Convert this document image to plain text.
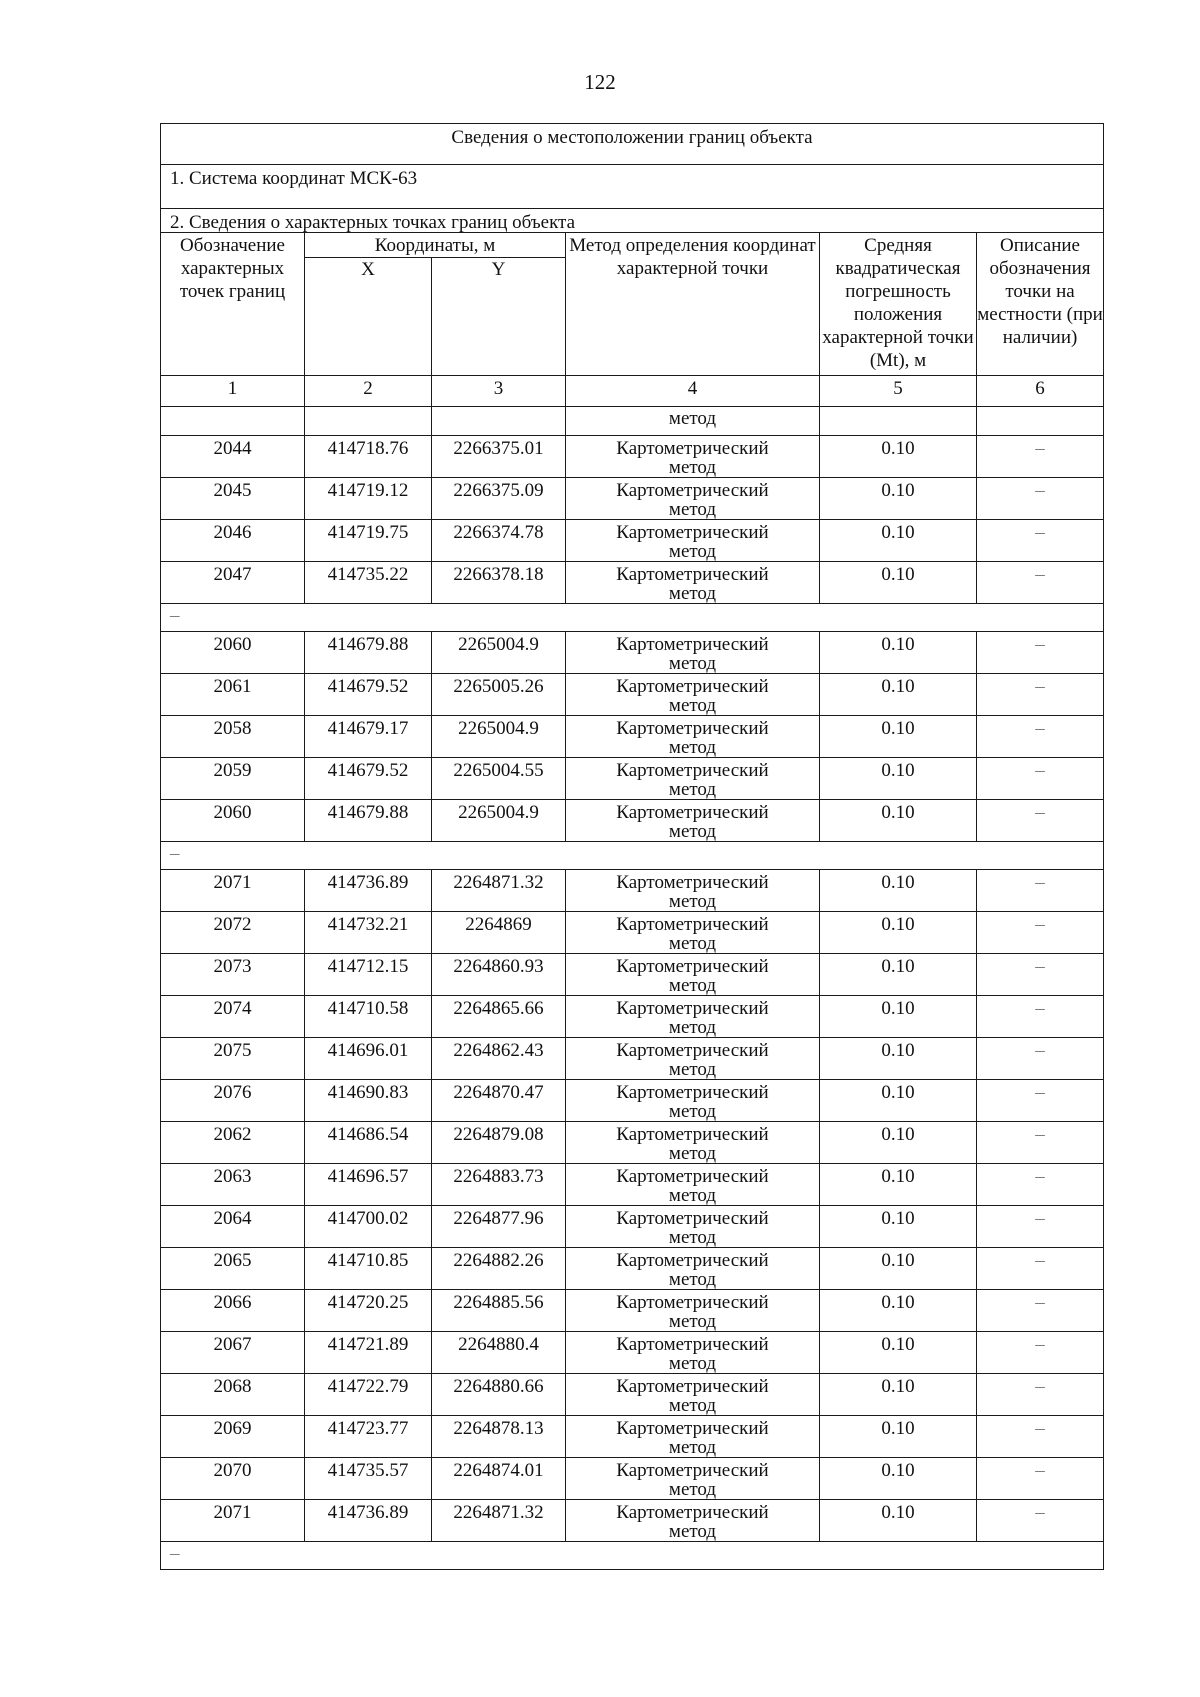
122
Сведения о местоположении границ объекта					

1. Система координат МСК-63					

2. Сведения о характерных точках границ объекта					

Обозначение характерных точек границ	Координаты, м		Метод определения координат характерной точки	Средняя квадратическая погрешность положения характерной точки (Mt), м	Описание обозначения точки на местности (при наличии)
	X	Y			
1	2	3	4	5	6

			метод		

2044	414718.76	2266375.01	Картометрический
метод	0.10	–

2045	414719.12	2266375.09	Картометрический
метод	0.10	–

2046	414719.75	2266374.78	Картометрический
метод	0.10	–

2047	414735.22	2266378.18	Картометрический
метод	0.10	–

–					

2060	414679.88	2265004.9	Картометрический
метод	0.10	–

2061	414679.52	2265005.26	Картометрический
метод	0.10	–

2058	414679.17	2265004.9	Картометрический
метод	0.10	–

2059	414679.52	2265004.55	Картометрический
метод	0.10	–

2060	414679.88	2265004.9	Картометрический
метод	0.10	–

–					

2071	414736.89	2264871.32	Картометрический
метод	0.10	–

2072	414732.21	2264869	Картометрический
метод	0.10	–

2073	414712.15	2264860.93	Картометрический
метод	0.10	–

2074	414710.58	2264865.66	Картометрический
метод	0.10	–

2075	414696.01	2264862.43	Картометрический
метод	0.10	–

2076	414690.83	2264870.47	Картометрический
метод	0.10	–

2062	414686.54	2264879.08	Картометрический
метод	0.10	–

2063	414696.57	2264883.73	Картометрический
метод	0.10	–

2064	414700.02	2264877.96	Картометрический
метод	0.10	–

2065	414710.85	2264882.26	Картометрический
метод	0.10	–

2066	414720.25	2264885.56	Картометрический
метод	0.10	–

2067	414721.89	2264880.4	Картометрический
метод	0.10	–

2068	414722.79	2264880.66	Картометрический
метод	0.10	–

2069	414723.77	2264878.13	Картометрический
метод	0.10	–

2070	414735.57	2264874.01	Картометрический
метод	0.10	–

2071	414736.89	2264871.32	Картометрический
метод	0.10	–

–					
